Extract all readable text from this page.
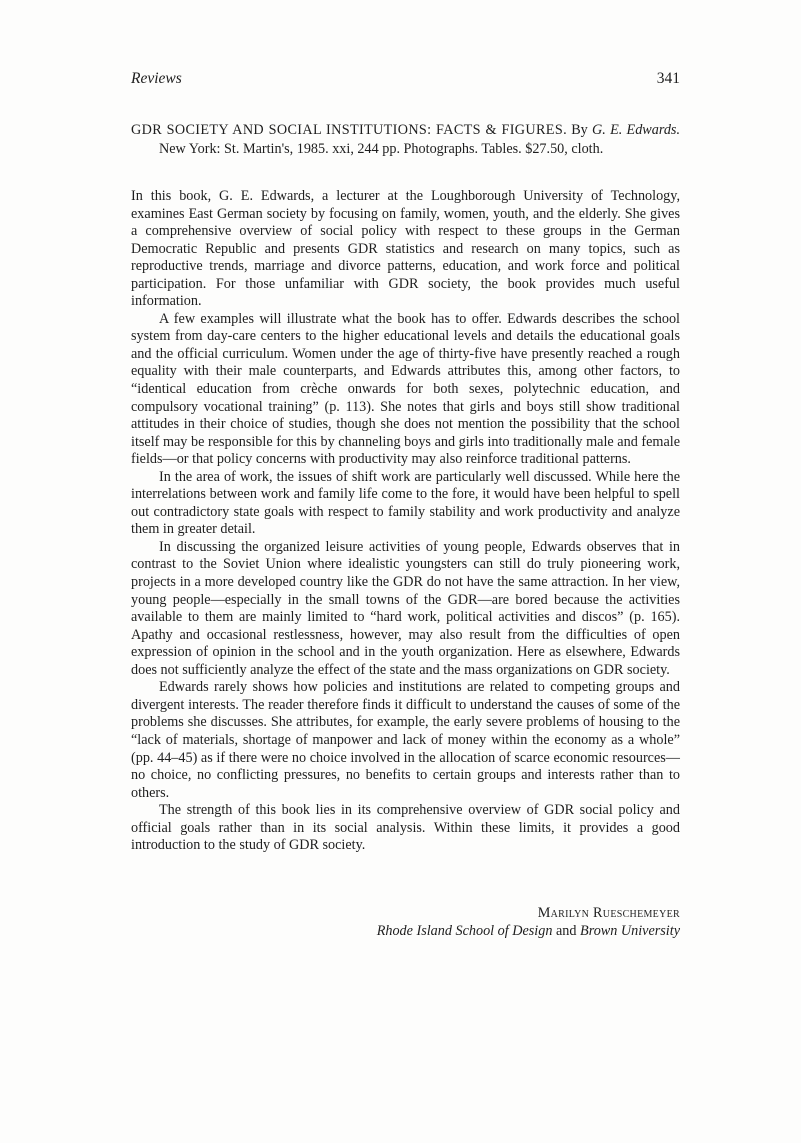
Reviews	341
GDR SOCIETY AND SOCIAL INSTITUTIONS: FACTS & FIGURES. By G. E. Edwards. New York: St. Martin's, 1985. xxi, 244 pp. Photographs. Tables. $27.50, cloth.

In this book, G. E. Edwards, a lecturer at the Loughborough University of Technology, examines East German society by focusing on family, women, youth, and the elderly. She gives a comprehensive overview of social policy with respect to these groups in the German Democratic Republic and presents GDR statistics and research on many topics, such as reproductive trends, marriage and divorce patterns, education, and work force and political participation. For those unfamiliar with GDR society, the book provides much useful information.

A few examples will illustrate what the book has to offer. Edwards describes the school system from day-care centers to the higher educational levels and details the educational goals and the official curriculum. Women under the age of thirty-five have presently reached a rough equality with their male counterparts, and Edwards attributes this, among other factors, to “identical education from crèche onwards for both sexes, polytechnic education, and compulsory vocational training” (p. 113). She notes that girls and boys still show traditional attitudes in their choice of studies, though she does not mention the possibility that the school itself may be responsible for this by channeling boys and girls into traditionally male and female fields—or that policy concerns with productivity may also reinforce traditional patterns.

In the area of work, the issues of shift work are particularly well discussed. While here the interrelations between work and family life come to the fore, it would have been helpful to spell out contradictory state goals with respect to family stability and work productivity and analyze them in greater detail.

In discussing the organized leisure activities of young people, Edwards observes that in contrast to the Soviet Union where idealistic youngsters can still do truly pioneering work, projects in a more developed country like the GDR do not have the same attraction. In her view, young people—especially in the small towns of the GDR—are bored because the activities available to them are mainly limited to “hard work, political activities and discos” (p. 165). Apathy and occasional restlessness, however, may also result from the difficulties of open expression of opinion in the school and in the youth organization. Here as elsewhere, Edwards does not sufficiently analyze the effect of the state and the mass organizations on GDR society.

Edwards rarely shows how policies and institutions are related to competing groups and divergent interests. The reader therefore finds it difficult to understand the causes of some of the problems she discusses. She attributes, for example, the early severe problems of housing to the “lack of materials, shortage of manpower and lack of money within the economy as a whole” (pp. 44–45) as if there were no choice involved in the allocation of scarce economic resources—no choice, no conflicting pressures, no benefits to certain groups and interests rather than to others.

The strength of this book lies in its comprehensive overview of GDR social policy and official goals rather than in its social analysis. Within these limits, it provides a good introduction to the study of GDR society.

Marilyn Rueschemeyer
Rhode Island School of Design and Brown University
